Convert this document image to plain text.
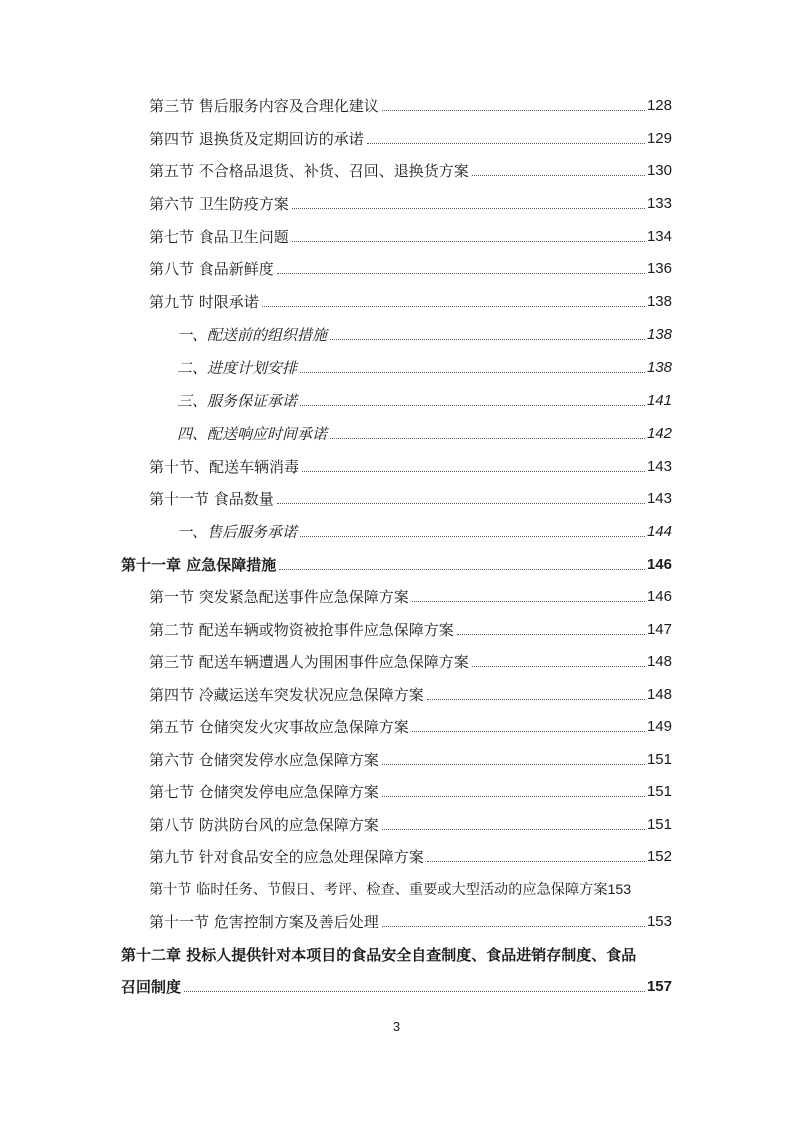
第三节 售后服务内容及合理化建议	128
第四节 退换货及定期回访的承诺	129
第五节 不合格品退货、补货、召回、退换货方案	130
第六节 卫生防疫方案	133
第七节 食品卫生问题	134
第八节 食品新鲜度	136
第九节 时限承诺	138
一、配送前的组织措施	138
二、进度计划安排	138
三、服务保证承诺	141
四、配送响应时间承诺	142
第十节、配送车辆消毒	143
第十一节 食品数量	143
一、售后服务承诺	144
第十一章 应急保障措施	146
第一节 突发紧急配送事件应急保障方案	146
第二节 配送车辆或物资被抢事件应急保障方案	147
第三节 配送车辆遭遇人为围困事件应急保障方案	148
第四节 冷藏运送车突发状况应急保障方案	148
第五节 仓储突发火灾事故应急保障方案	149
第六节 仓储突发停水应急保障方案	151
第七节 仓储突发停电应急保障方案	151
第八节 防洪防台风的应急保障方案	151
第九节 针对食品安全的应急处理保障方案	152
第十节 临时任务、节假日、考评、检查、重要或大型活动的应急保障方案 153
第十一节 危害控制方案及善后处理	153
第十二章 投标人提供针对本项目的食品安全自查制度、食品进销存制度、食品
召回制度	157
3
